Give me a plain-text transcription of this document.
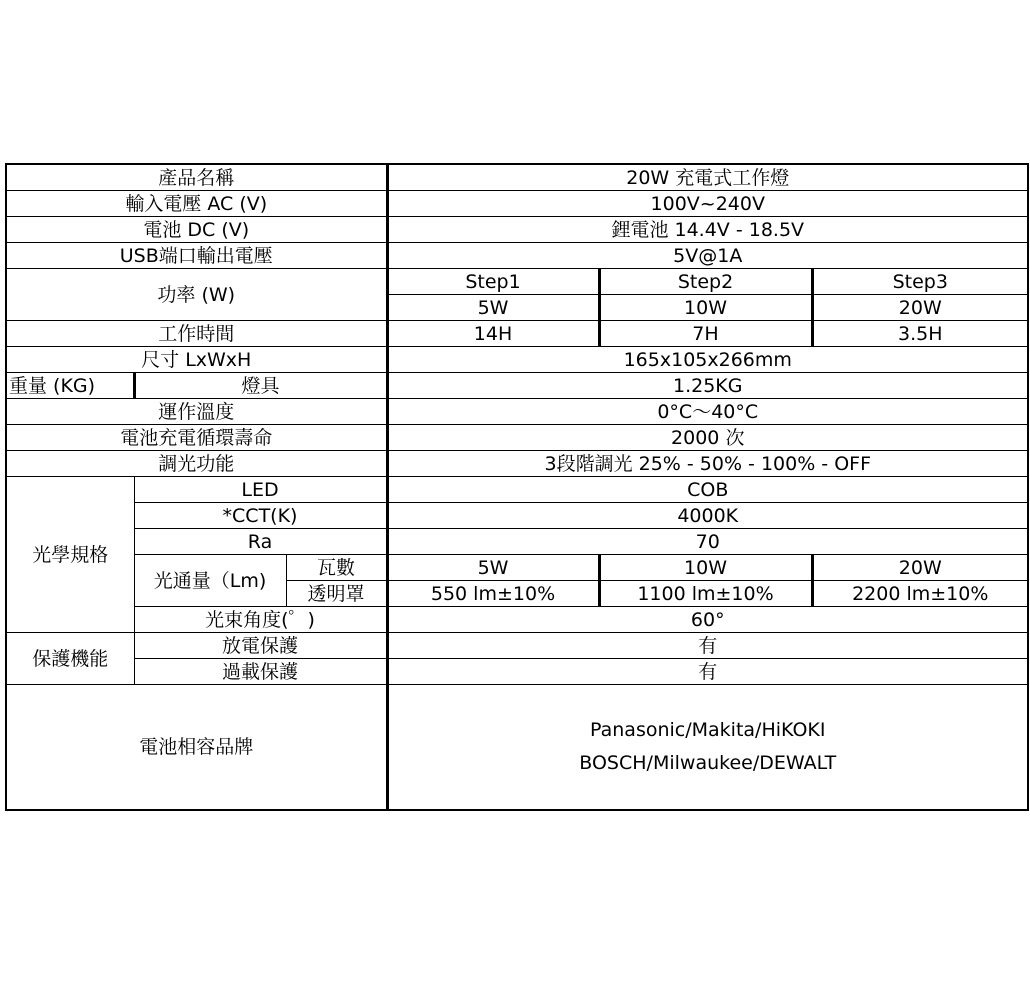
產品名稱			20W 充電式工作燈		
輸入電壓 AC (V)			100V~240V		
電池 DC (V)			鋰電池 14.4V - 18.5V		
USB端口輸出電壓			5V@1A		
功率 (W)			Step1	Step2	Step3
			5W	10W	20W
工作時間			14H	7H	3.5H
尺寸 LxWxH			165x105x266mm		
重量 (KG)	燈具		1.25KG		
運作溫度			0°C～40°C		
電池充電循環壽命			2000 次		
調光功能			3段階調光 25% - 50% - 100% - OFF		
光學規格	LED		COB		
	*CCT(K)		4000K		
	Ra		70		
	光通量（Lm)	瓦數	5W	10W	20W
		透明罩	550 lm±10%	1100 lm±10%	2200 lm±10%
	光束角度(゜)		60°		
保護機能	放電保護		有		
	過載保護		有		
電池相容品牌			Panasonic/Makita/HiKOKI
BOSCH/Milwaukee/DEWALT		
